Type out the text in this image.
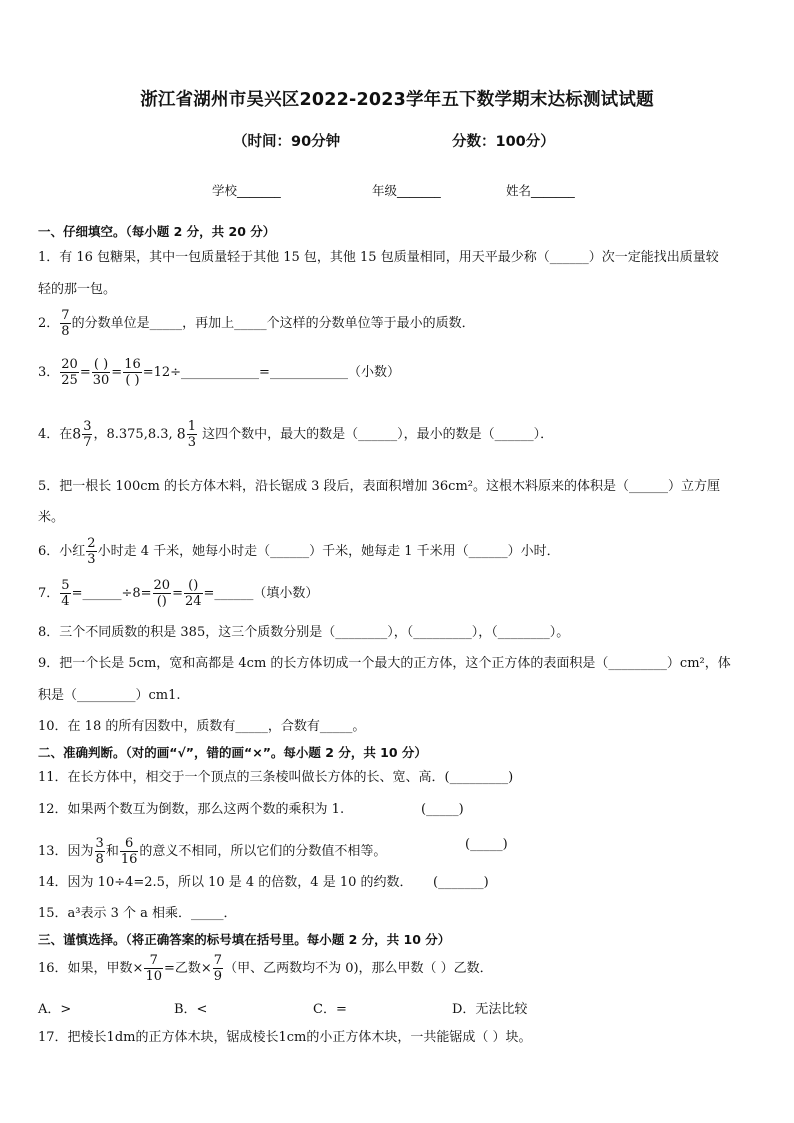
浙江省湖州市吴兴区2022-2023学年五下数学期末达标测试试题
（时间：90分钟	分数：100分）
学校_______	年级_______	姓名_______
一、仔细填空。（每小题 2 分，共 20 分）
1．有 16 包糖果，其中一包质量轻于其他 15 包，其他 15 包质量相同，用天平最少称（______）次一定能找出质量较
轻的那一包。
2． $\frac{7}{8}$ 的分数单位是_____，再加上_____个这样的分数单位等于最小的质数．
3． $\frac{20}{25} = \frac{( )}{30} = \frac{16}{( )}$ =12÷____________=____________（小数）
4．在$8 \frac{3}{7}$ ，8.375,8.3, $8 \frac{1}{3}$ 这四个数中，最大的数是（______），最小的数是（______）．
5．把一根长 100cm 的长方体木料，沿长锯成 3 段后，表面积增加 36cm²。这根木料原来的体积是（______）立方厘
米。
6．小红 $\frac{2}{3}$ 小时走 4 千米，她每小时走（______）千米，她每走 1 千米用（______）小时．
7． $\frac{5}{4}$ =______÷8= $\frac{20}{()} = \frac{()}{24}$ =______（填小数）
8．三个不同质数的积是 385，这三个质数分别是（________），（_________），（________）。
9．把一个长是 5cm，宽和高都是 4cm 的长方体切成一个最大的正方体，这个正方体的表面积是（_________）cm²，体
积是（_________）cm1.
10．在 18 的所有因数中，质数有_____，合数有_____。
二、准确判断。（对的画“√”，错的画“×”。每小题 2 分，共 10 分）
11．在长方体中，相交于一个顶点的三条棱叫做长方体的长、宽、高．(_________)
12．如果两个数互为倒数，那么这两个数的乘积为 1.	(_____)
13．因为 $\frac{3}{8}$ 和 $\frac{6}{16}$ 的意义不相同，所以它们的分数值不相等。	(_____)
14．因为 10÷4=2.5，所以 10 是 4 的倍数，4 是 10 的约数． (_______)
15．a³表示 3 个 a 相乘．_____．
三、谨慎选择。（将正确答案的标号填在括号里。每小题 2 分，共 10 分）
16．如果，甲数× $\frac{7}{10}$ =乙数× $\frac{7}{9}$ （甲、乙两数均不为 0)，那么甲数（ ）乙数．
A．>	B．<	C．=	D．无法比较
17．把棱长1dm的正方体木块，锯成棱长1cm的小正方体木块，一共能锯成（ ）块。
